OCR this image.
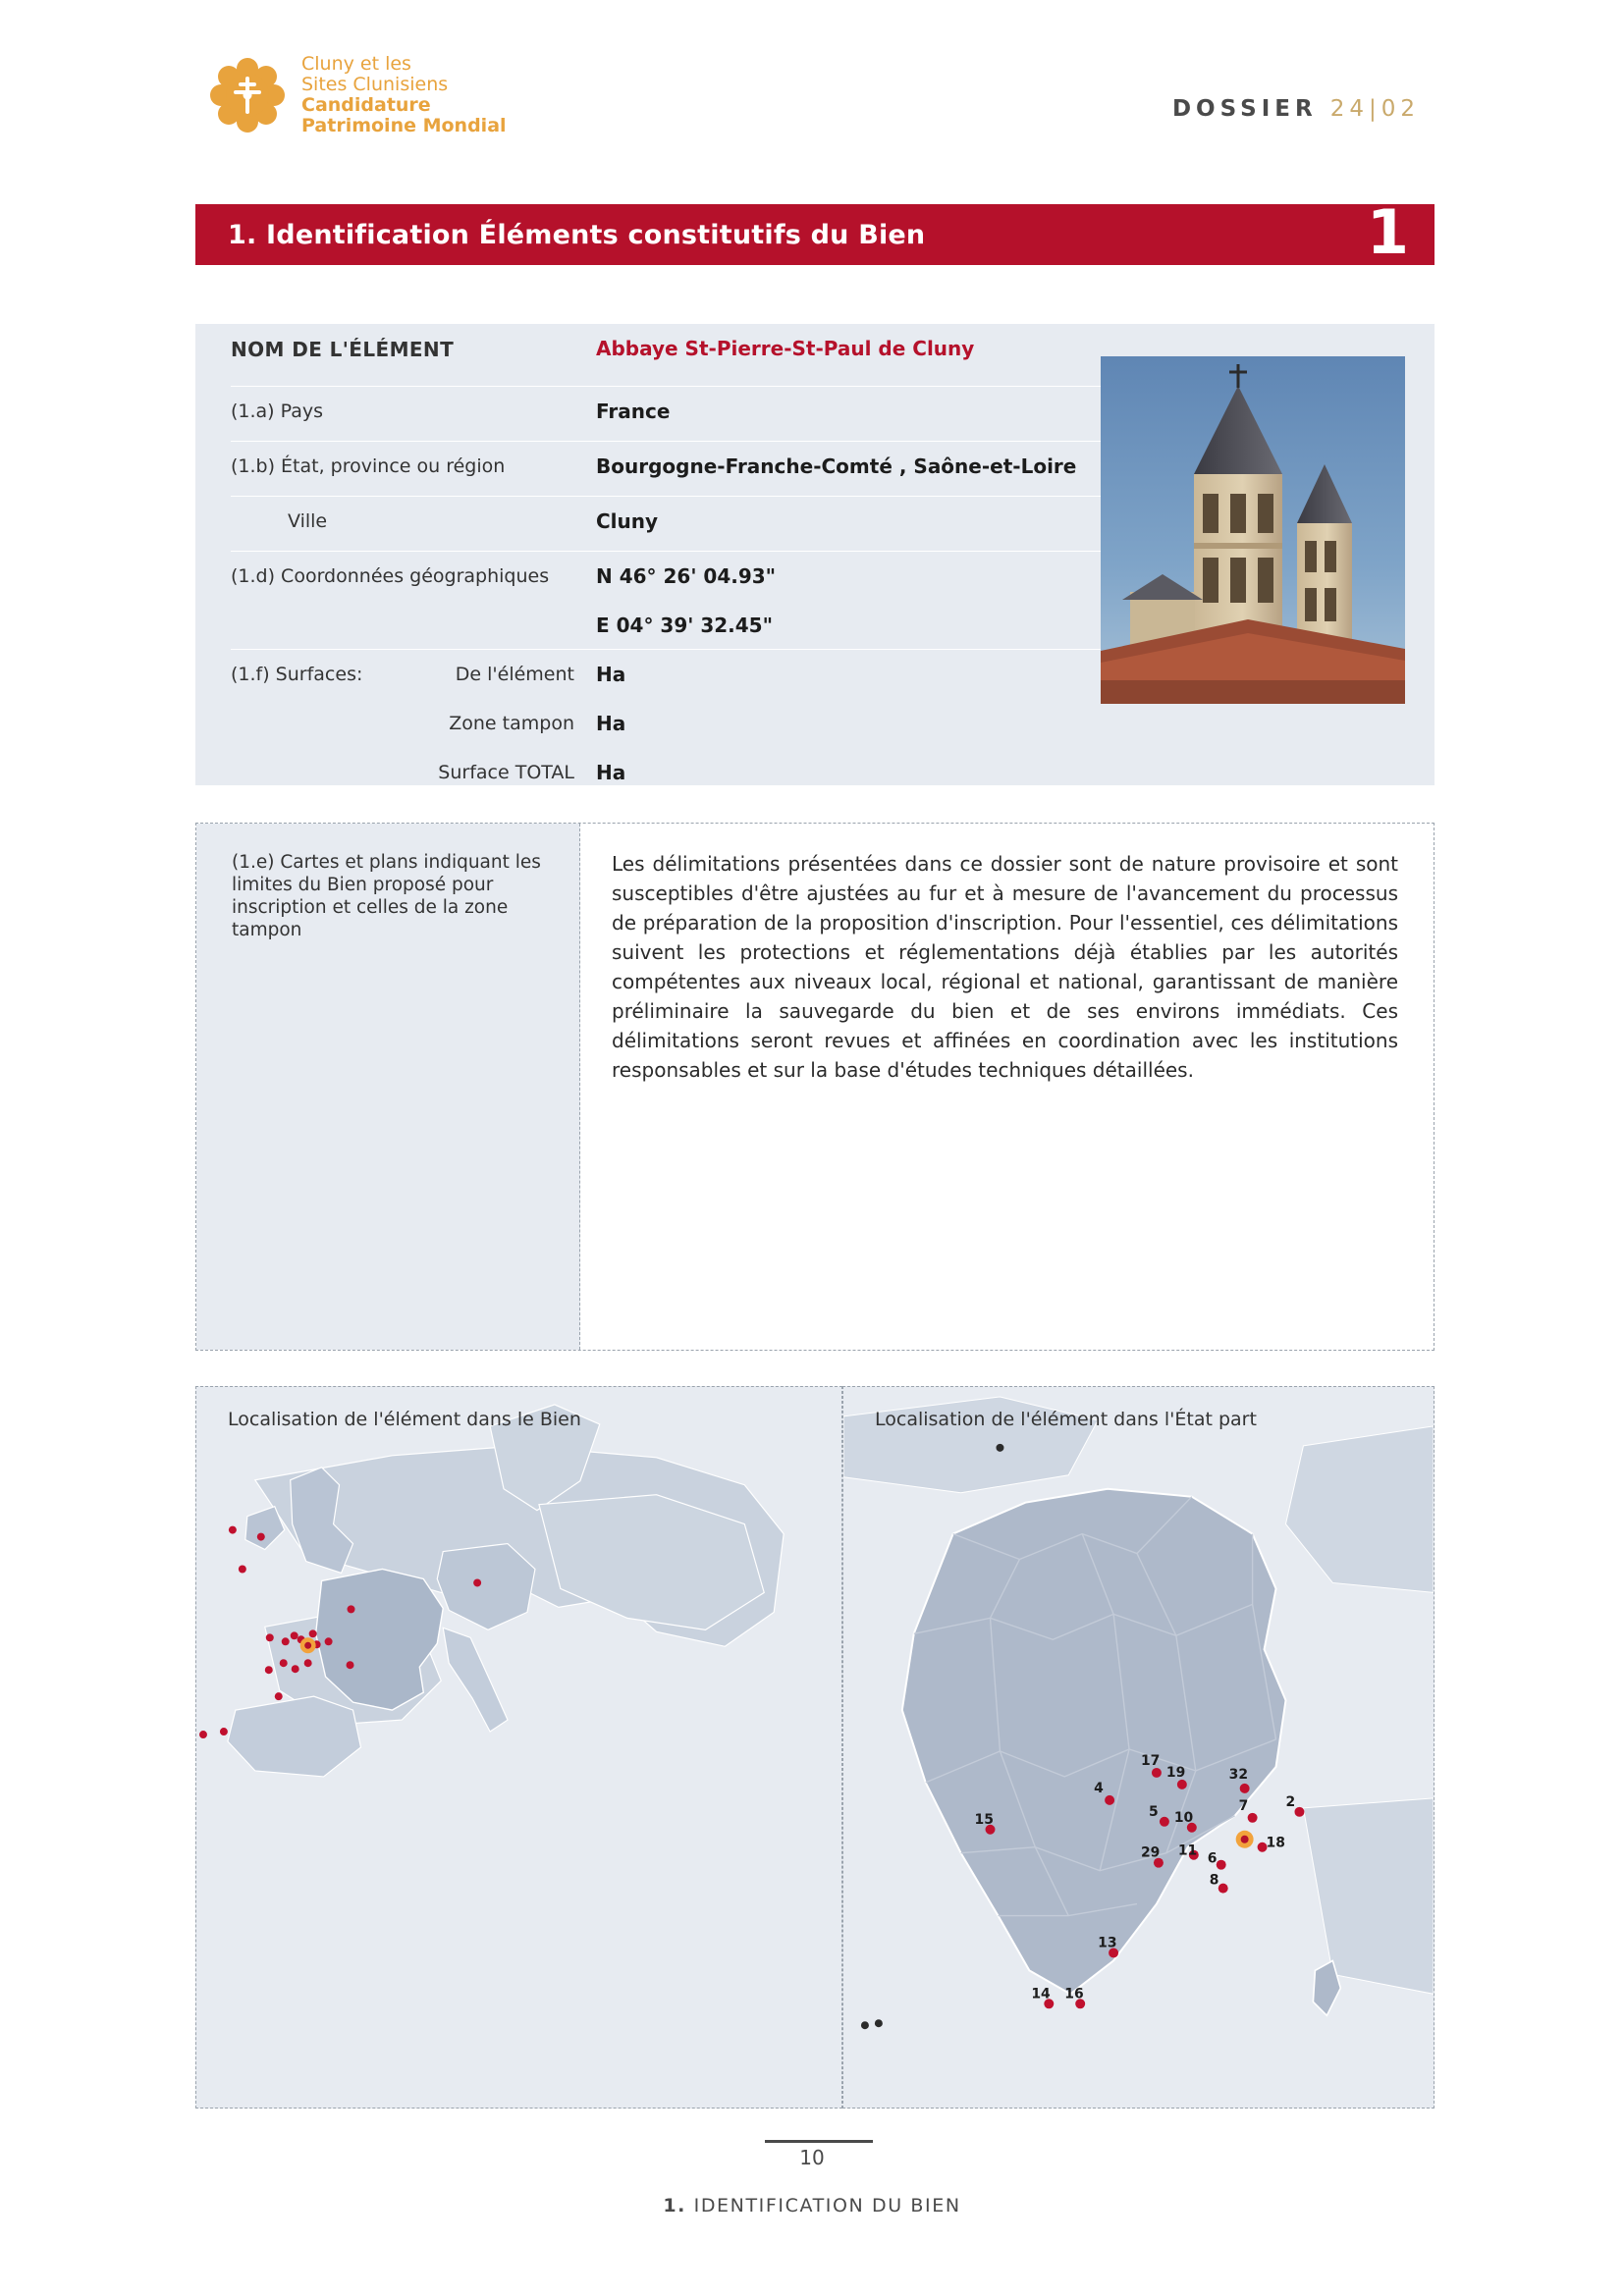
Cluny et les
Sites Clunisiens
Candidature
Patrimoine Mondial
DOSSIER 24|02
1. Identification Éléments constitutifs du Bien	1
NOM DE L'ÉLÉMENT	Abbaye St-Pierre-St-Paul de Cluny
(1.a) Pays	France
(1.b) État, province ou région	Bourgogne-Franche-Comté , Saône-et-Loire
Ville	Cluny
(1.d) Coordonnées géographiques	N 46° 26' 04.93"
E 04° 39' 32.45"
(1.f) Surfaces:	De l'élément Ha
Zone tampon	Ha
Surface TOTAL	Ha

(1.e) Cartes et plans indiquant les limites du Bien proposé pour inscription et celles de la zone tampon

Les délimitations présentées dans ce dossier sont de nature provisoire et sont susceptibles d'être ajustées au fur et à mesure de l'avancement du processus de préparation de la proposition d'inscription. Pour l'essentiel, ces délimitations suivent les protections et réglementations déjà établies par les autorités compétentes aux niveaux local, régional et national, garantissant de manière préliminaire la sauvegarde du bien et de ses environs immédiats. Ces délimitations seront revues et affinées en coordination avec les institutions responsables et sur la base d'études techniques détaillées.

Localisation de l'élément dans le Bien	Localisation de l'élément dans l'État part
15
4
17
19	32
5 10
7	2
18
29 11 6
8
13
14 16
10
1. IDENTIFICATION DU BIEN
